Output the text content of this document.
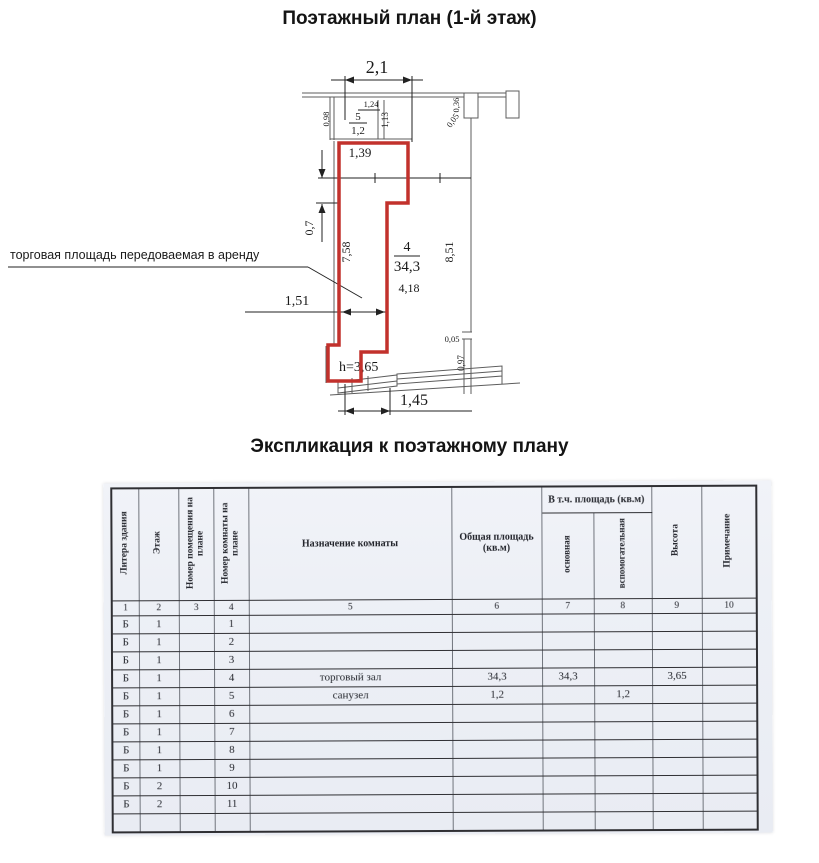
Поэтажный план (1-й этаж)
2,1
1,39
0,98 5
1,2
1,24
1,13
0,36
0,05
8,51
0,7
7,58	4
34,3
4,18
1,51
торговая площадь передоваемая в аренду
h=3,65
1,45
0,05
0,97
Экспликация к поэтажному плану
Литера здания	Этаж	Номер помещения на плане	Номер комнаты на плане	Назначение комнаты	Общая площадь (кв.м)	В т.ч. площадь (кв.м)		Высота	Примечание
						основная	вспомогательная		
1	2	3	4	5	6	7	8	9	10
Б	1		1						
Б	1		2						
Б	1		3						
Б	1		4	торговый зал	34,3	34,3		3,65	
Б	1		5	санузел	1,2		1,2		
Б	1		6						
Б	1		7						
Б	1		8						
Б	1		9						
Б	2		10						
Б	2		11						
